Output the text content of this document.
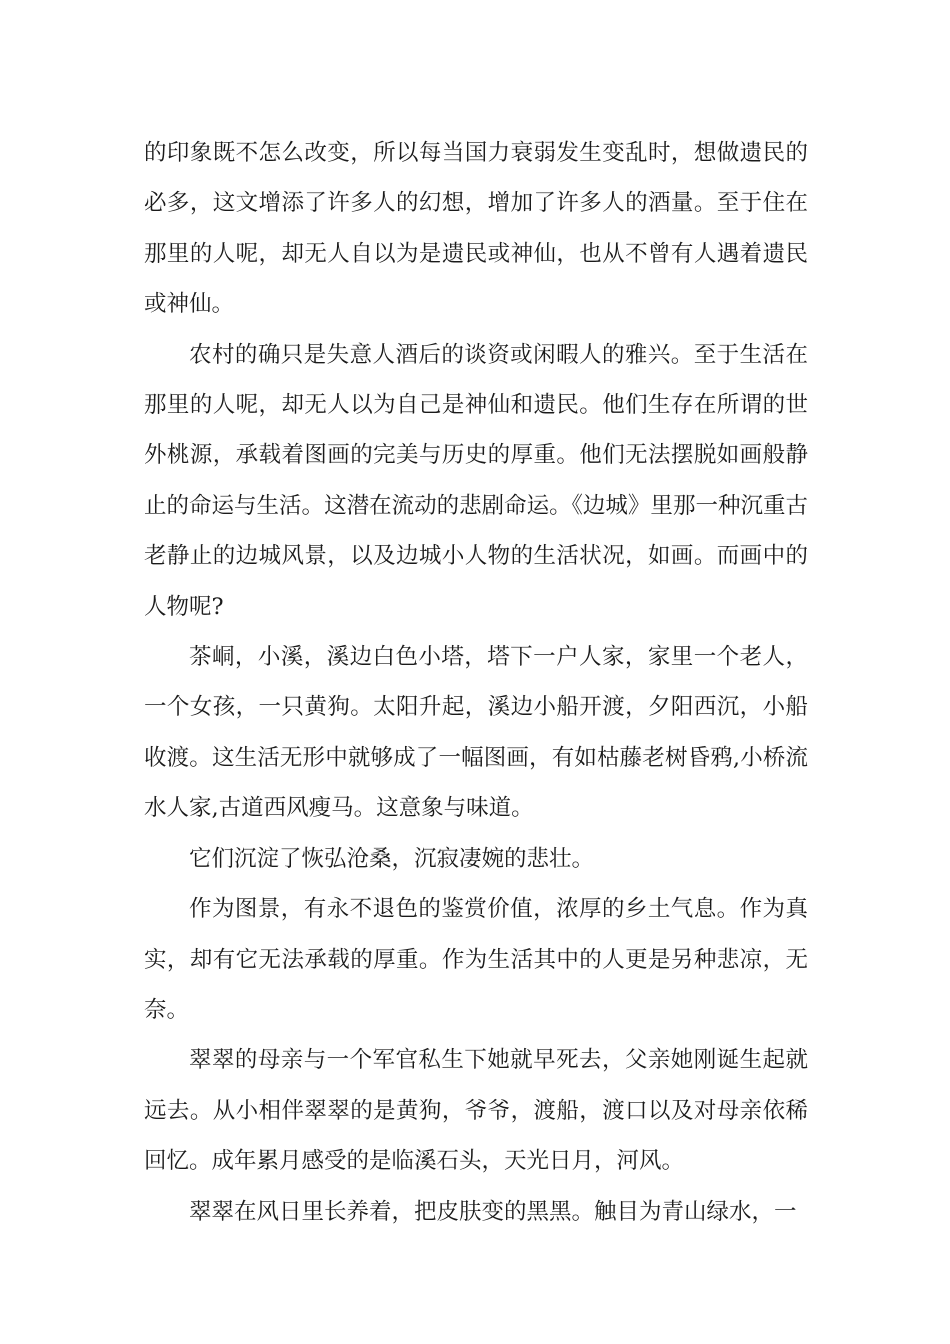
的印象既不怎么改变，所以每当国力衰弱发生变乱时，想做遗民的必多，这文增添了许多人的幻想，增加了许多人的酒量。至于住在那里的人呢，却无人自以为是遗民或神仙，也从不曾有人遇着遗民或神仙。

农村的确只是失意人酒后的谈资或闲暇人的雅兴。至于生活在那里的人呢，却无人以为自己是神仙和遗民。他们生存在所谓的世外桃源，承载着图画的完美与历史的厚重。他们无法摆脱如画般静止的命运与生活。这潜在流动的悲剧命运。《边城》里那一种沉重古老静止的边城风景，以及边城小人物的生活状况，如画。而画中的人物呢?

茶峒，小溪，溪边白色小塔，塔下一户人家，家里一个老人，一个女孩，一只黄狗。太阳升起，溪边小船开渡，夕阳西沉，小船收渡。这生活无形中就够成了一幅图画，有如枯藤老树昏鸦,小桥流水人家,古道西风瘦马。这意象与味道。

它们沉淀了恢弘沧桑，沉寂凄婉的悲壮。

作为图景，有永不退色的鉴赏价值，浓厚的乡土气息。作为真实，却有它无法承载的厚重。作为生活其中的人更是另种悲凉，无奈。

翠翠的母亲与一个军官私生下她就早死去，父亲她刚诞生起就远去。从小相伴翠翠的是黄狗，爷爷，渡船，渡口以及对母亲依稀回忆。成年累月感受的是临溪石头，天光日月，河风。

翠翠在风日里长养着，把皮肤变的黑黑。触目为青山绿水，一
